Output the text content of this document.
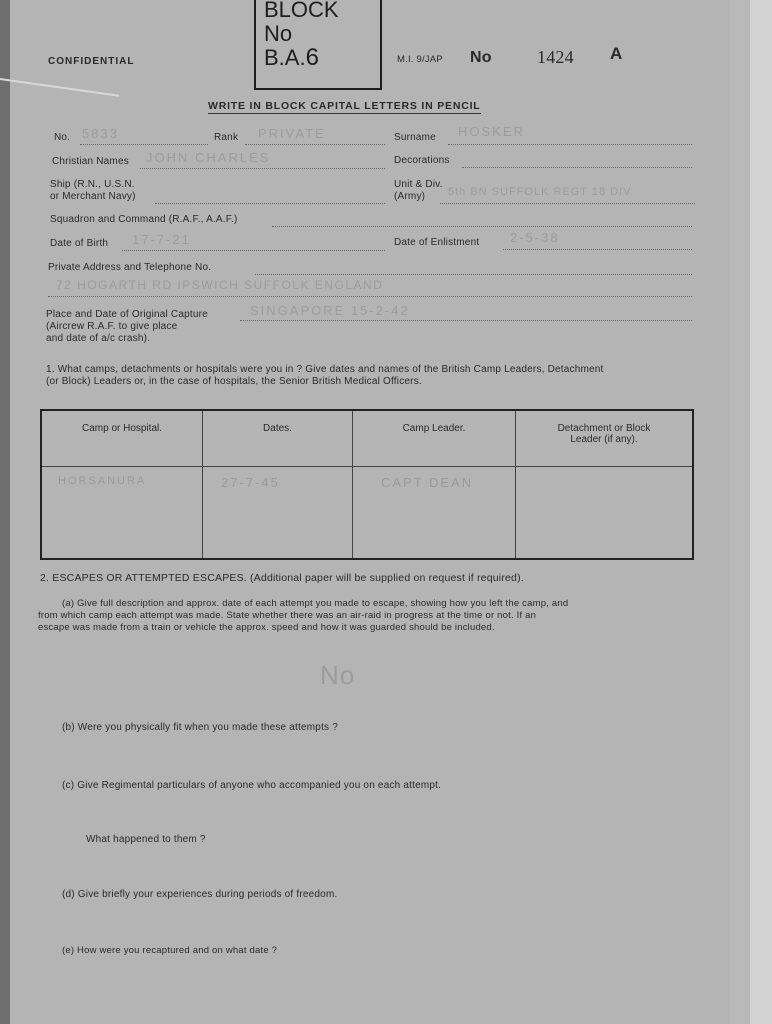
BLOCK
No
B.A.6
CONFIDENTIAL	M.I. 9/JAP No	1424 A
WRITE IN BLOCK CAPITAL LETTERS IN PENCIL
No. 5833	Rank PRIVATE	Surname HOSKER
Christian Names JOHN CHARLES	Decorations
Ship (R.N., U.S.N.
or Merchant Navy)
Unit & Div.
(Army) 5th BN SUFFOLK REGT 18 DIV
Squadron and Command (R.A.F., A.A.F.)
Date of Birth 17-7-21	Date of Enlistment 2-5-38
Private Address and Telephone No.
72 HOGARTH RD IPSWICH SUFFOLK ENGLAND
Place and Date of Original Capture
(Aircrew R.A.F. to give place
and date of a/c crash).
SINGAPORE 15-2-42
1. What camps, detachments or hospitals were you in ? Give dates and names of the British Camp Leaders, Detachment
(or Block) Leaders or, in the case of hospitals, the Senior British Medical Officers.
Camp or Hospital.	Dates.	Camp Leader.	Detachment or Block Leader (if any).
HORSANURA	27-7-45	CAPT DEAN	
2. ESCAPES OR ATTEMPTED ESCAPES. (Additional paper will be supplied on request if required).
(a) Give full description and approx. date of each attempt you made to escape, showing how you left the camp, and
from which camp each attempt was made. State whether there was an air-raid in progress at the time or not. If an
escape was made from a train or vehicle the approx. speed and how it was guarded should be included.
No
(b) Were you physically fit when you made these attempts ?
(c) Give Regimental particulars of anyone who accompanied you on each attempt.
What happened to them ?
(d) Give briefly your experiences during periods of freedom.
(e) How were you recaptured and on what date ?
